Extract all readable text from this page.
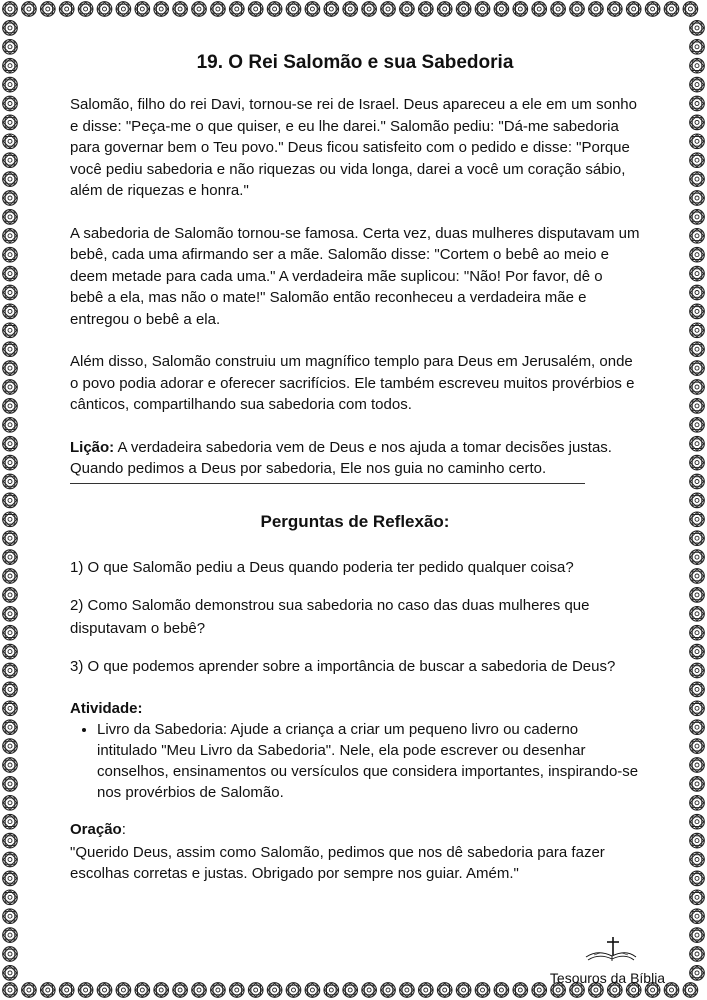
19. O Rei Salomão e sua Sabedoria

Salomão, filho do rei Davi, tornou-se rei de Israel. Deus apareceu a ele em um sonho e disse: "Peça-me o que quiser, e eu lhe darei." Salomão pediu: "Dá-me sabedoria para governar bem o Teu povo." Deus ficou satisfeito com o pedido e disse: "Porque você pediu sabedoria e não riquezas ou vida longa, darei a você um coração sábio, além de riquezas e honra."

A sabedoria de Salomão tornou-se famosa. Certa vez, duas mulheres disputavam um bebê, cada uma afirmando ser a mãe. Salomão disse: "Cortem o bebê ao meio e deem metade para cada uma." A verdadeira mãe suplicou: "Não! Por favor, dê o bebê a ela, mas não o mate!" Salomão então reconheceu a verdadeira mãe e entregou o bebê a ela.

Além disso, Salomão construiu um magnífico templo para Deus em Jerusalém, onde o povo podia adorar e oferecer sacrifícios. Ele também escreveu muitos provérbios e cânticos, compartilhando sua sabedoria com todos.

Lição: A verdadeira sabedoria vem de Deus e nos ajuda a tomar decisões justas. Quando pedimos a Deus por sabedoria, Ele nos guia no caminho certo.

Perguntas de Reflexão:
1) O que Salomão pediu a Deus quando poderia ter pedido qualquer coisa?
2) Como Salomão demonstrou sua sabedoria no caso das duas mulheres que disputavam o bebê?
3) O que podemos aprender sobre a importância de buscar a sabedoria de Deus?
Atividade:
• Livro da Sabedoria: Ajude a criança a criar um pequeno livro ou caderno intitulado "Meu Livro da Sabedoria". Nele, ela pode escrever ou desenhar conselhos, ensinamentos ou versículos que considera importantes, inspirando-se nos provérbios de Salomão.
Oração:
"Querido Deus, assim como Salomão, pedimos que nos dê sabedoria para fazer escolhas corretas e justas. Obrigado por sempre nos guiar. Amém."
Tesouros da Bíblia
